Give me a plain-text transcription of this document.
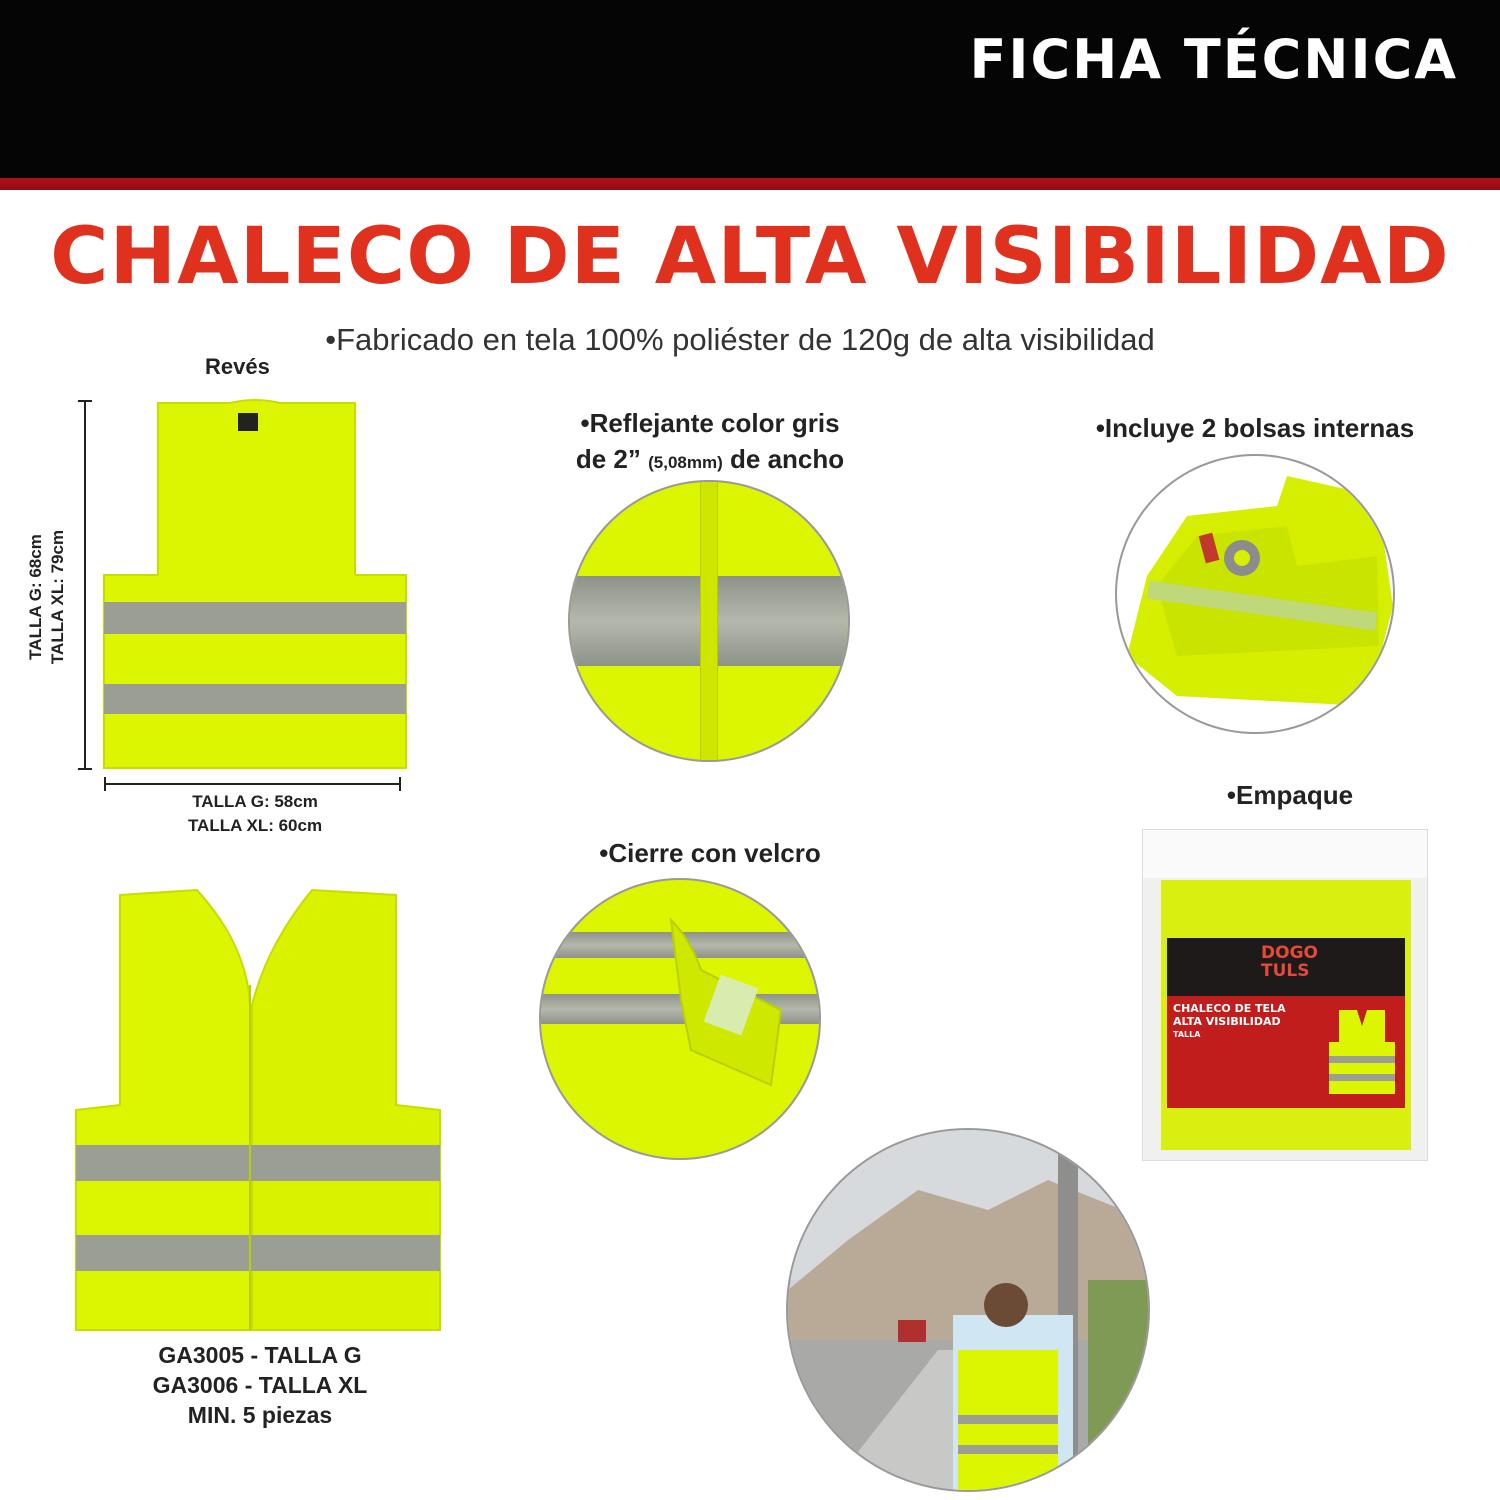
FICHA TÉCNICA
CHALECO DE ALTA VISIBILIDAD
•Fabricado en tela 100% poliéster de 120g de alta visibilidad
Revés
TALLA G: 68cm TALLA XL: 79cm
TALLA G: 58cm
TALLA XL: 60cm
•Reflejante color gris
de 2” (5,08mm) de ancho
•Incluye 2 bolsas internas
•Cierre con velcro
GA3005 - TALLA G
GA3006 - TALLA XL
MIN. 5 piezas
•Empaque
DOGO
TULS
CHALECO DE TELA
ALTA VISIBILIDAD
TALLA
